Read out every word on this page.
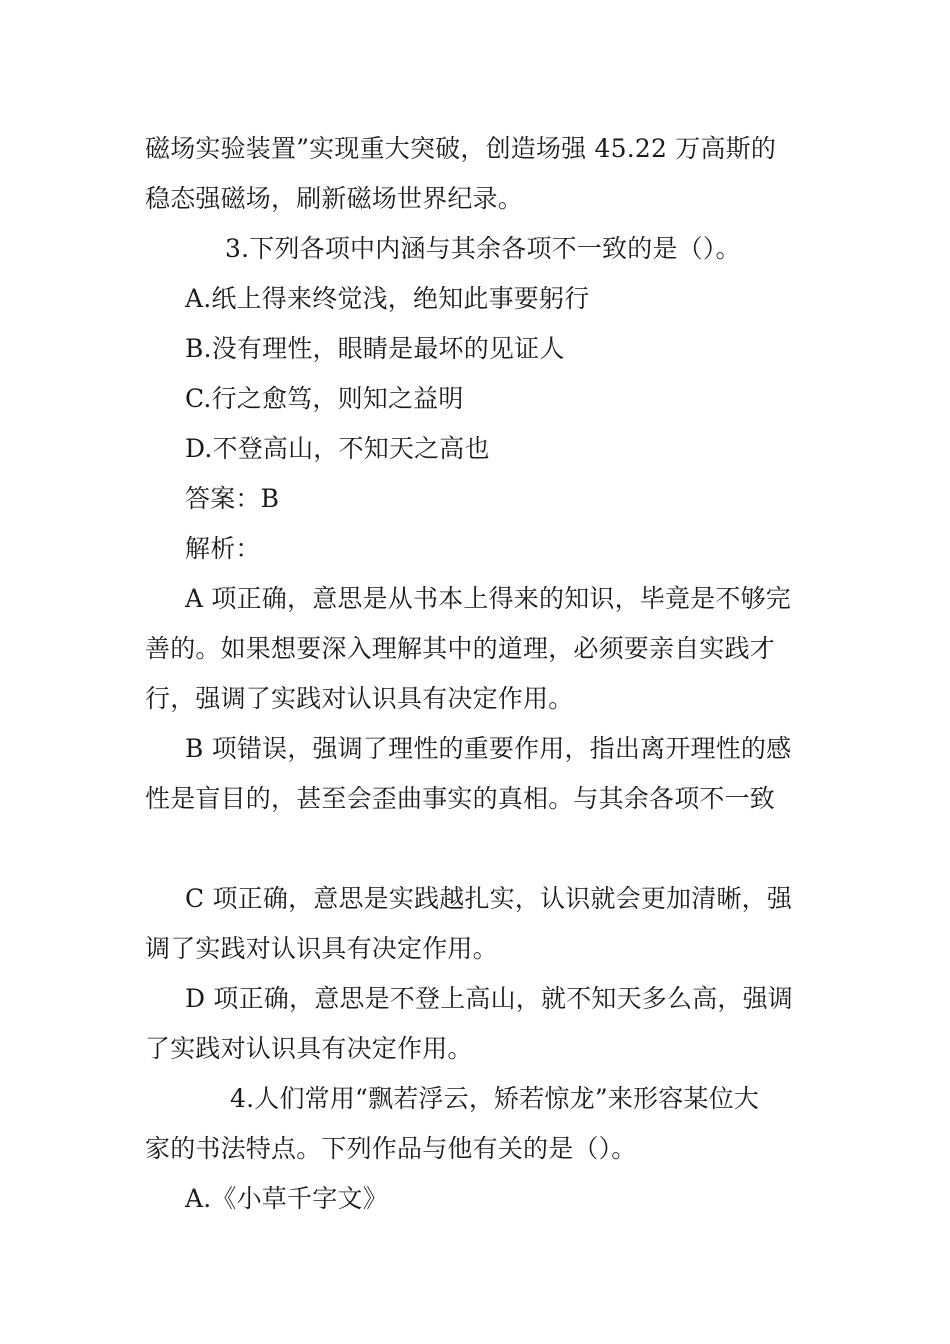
磁场实验装置”实现重大突破，创造场强 45.22 万高斯的
稳态强磁场，刷新磁场世界纪录。
3.下列各项中内涵与其余各项不一致的是（）。
A.纸上得来终觉浅，绝知此事要躬行
B.没有理性，眼睛是最坏的见证人
C.行之愈笃，则知之益明
D.不登高山，不知天之高也
答案：B
解析：
A 项正确，意思是从书本上得来的知识，毕竟是不够完
善的。如果想要深入理解其中的道理，必须要亲自实践才
行，强调了实践对认识具有决定作用。
B 项错误，强调了理性的重要作用，指出离开理性的感
性是盲目的，甚至会歪曲事实的真相。与其余各项不一致
C 项正确，意思是实践越扎实，认识就会更加清晰，强
调了实践对认识具有决定作用。
D 项正确，意思是不登上高山，就不知天多么高，强调
了实践对认识具有决定作用。
4.人们常用“飘若浮云，矫若惊龙”来形容某位大
家的书法特点。下列作品与他有关的是（）。
A.《小草千字文》
